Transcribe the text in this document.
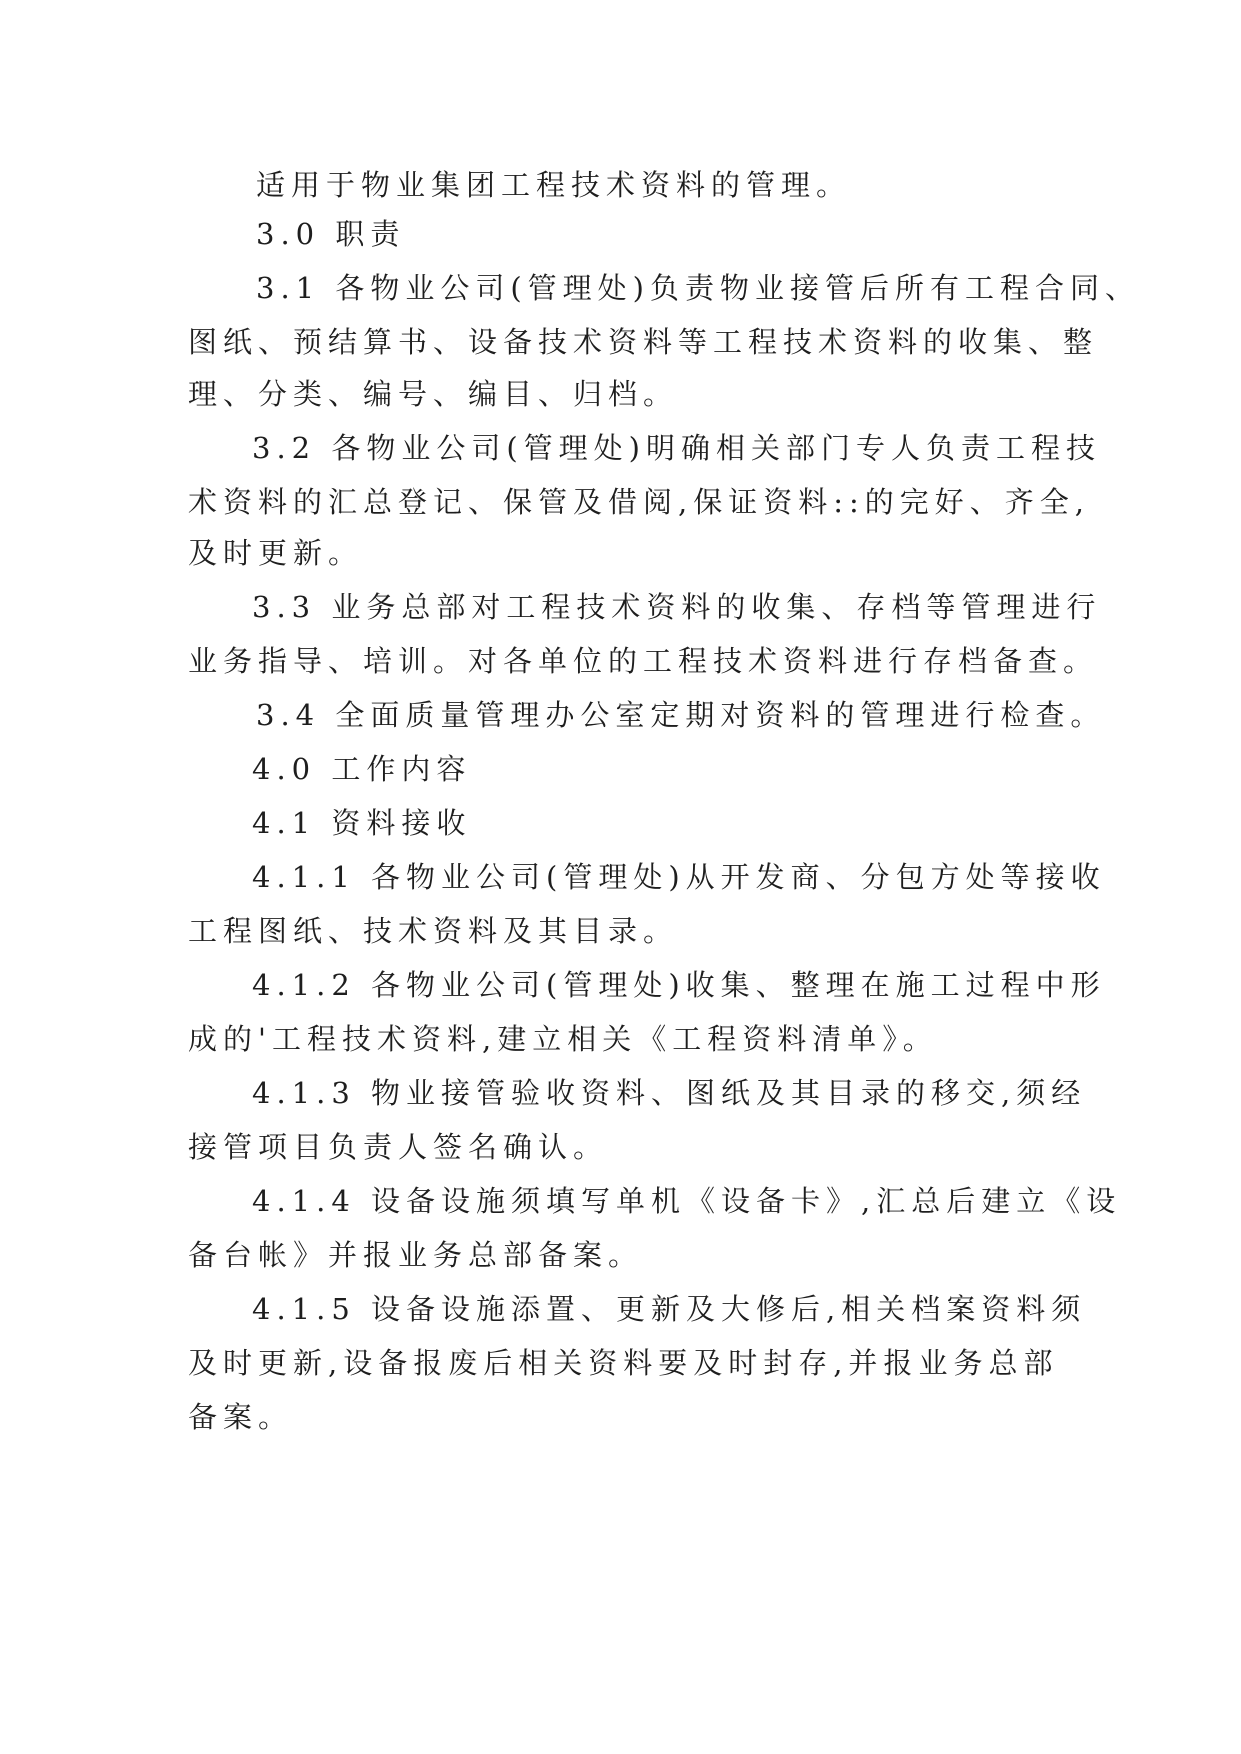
适用于物业集团工程技术资料的管理。

3.0 职责

3.1 各物业公司(管理处)负责物业接管后所有工程合同、

图纸、预结算书、设备技术资料等工程技术资料的收集、整

理、分类、编号、编目、归档。

3.2 各物业公司(管理处)明确相关部门专人负责工程技

术资料的汇总登记、保管及借阅,保证资料::的完好、齐全,

及时更新。

3.3 业务总部对工程技术资料的收集、存档等管理进行

业务指导、培训。对各单位的工程技术资料进行存档备查。

3.4 全面质量管理办公室定期对资料的管理进行检查。

4.0 工作内容

4.1 资料接收

4.1.1 各物业公司(管理处)从开发商、分包方处等接收

工程图纸、技术资料及其目录。

4.1.2 各物业公司(管理处)收集、整理在施工过程中形

成的'工程技术资料,建立相关《工程资料清单》。

4.1.3 物业接管验收资料、图纸及其目录的移交,须经

接管项目负责人签名确认。

4.1.4 设备设施须填写单机《设备卡》,汇总后建立《设

备台帐》并报业务总部备案。

4.1.5 设备设施添置、更新及大修后,相关档案资料须

及时更新,设备报废后相关资料要及时封存,并报业务总部

备案。
